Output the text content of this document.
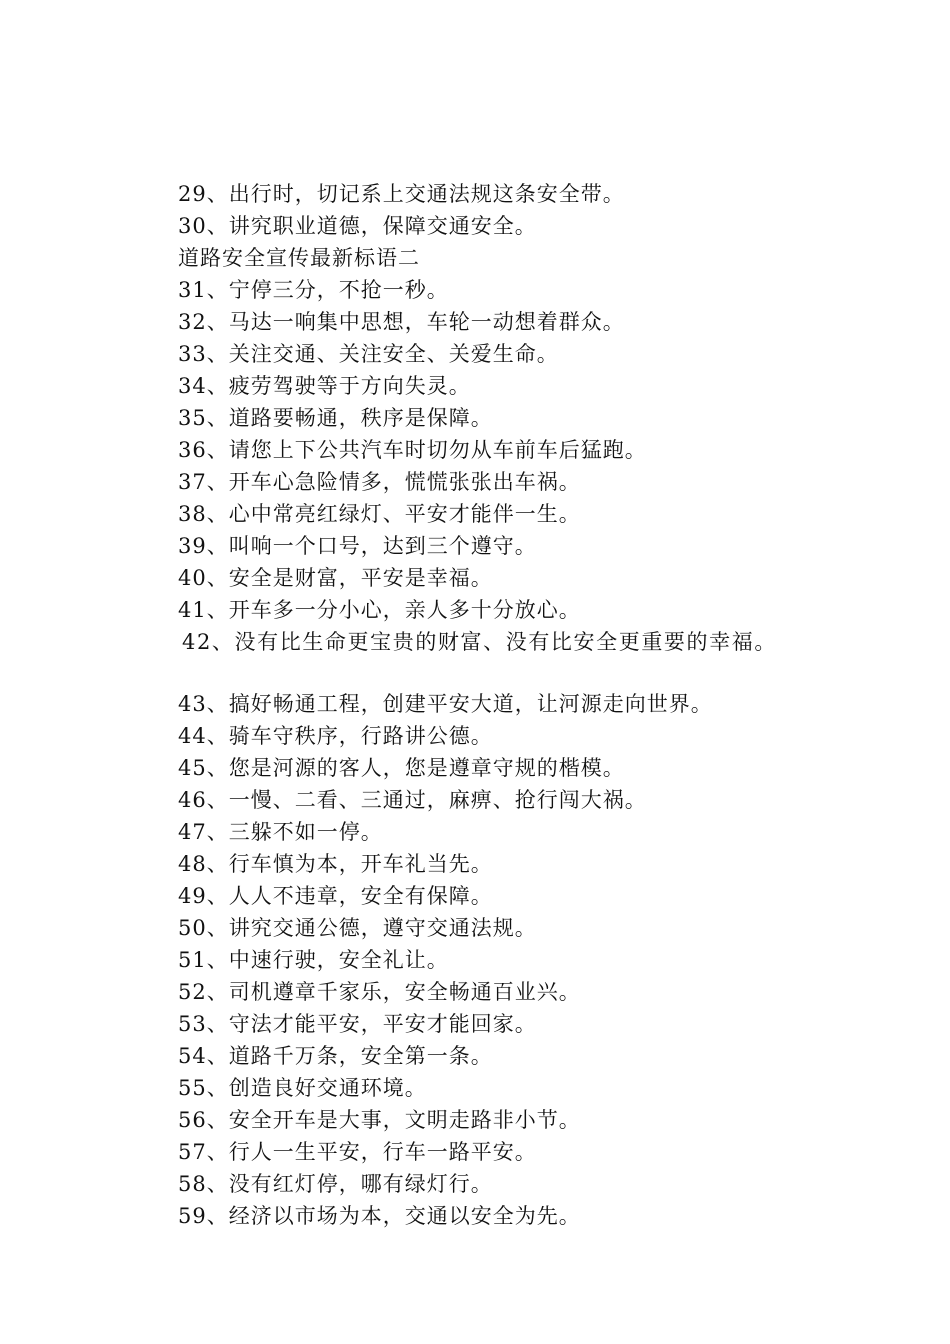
29、出行时，切记系上交通法规这条安全带。
30、讲究职业道德，保障交通安全。
道路安全宣传最新标语二
31、宁停三分，不抢一秒。
32、马达一响集中思想，车轮一动想着群众。
33、关注交通、关注安全、关爱生命。
34、疲劳驾驶等于方向失灵。
35、道路要畅通，秩序是保障。
36、请您上下公共汽车时切勿从车前车后猛跑。
37、开车心急险情多，慌慌张张出车祸。
38、心中常亮红绿灯、平安才能伴一生。
39、叫响一个口号，达到三个遵守。
40、安全是财富，平安是幸福。
41、开车多一分小心，亲人多十分放心。
42、没有比生命更宝贵的财富、没有比安全更重要的幸福。
43、搞好畅通工程，创建平安大道，让河源走向世界。
44、骑车守秩序，行路讲公德。
45、您是河源的客人，您是遵章守规的楷模。
46、一慢、二看、三通过，麻痹、抢行闯大祸。
47、三躲不如一停。
48、行车慎为本，开车礼当先。
49、人人不违章，安全有保障。
50、讲究交通公德，遵守交通法规。
51、中速行驶，安全礼让。
52、司机遵章千家乐，安全畅通百业兴。
53、守法才能平安，平安才能回家。
54、道路千万条，安全第一条。
55、创造良好交通环境。
56、安全开车是大事，文明走路非小节。
57、行人一生平安，行车一路平安。
58、没有红灯停，哪有绿灯行。
59、经济以市场为本，交通以安全为先。
